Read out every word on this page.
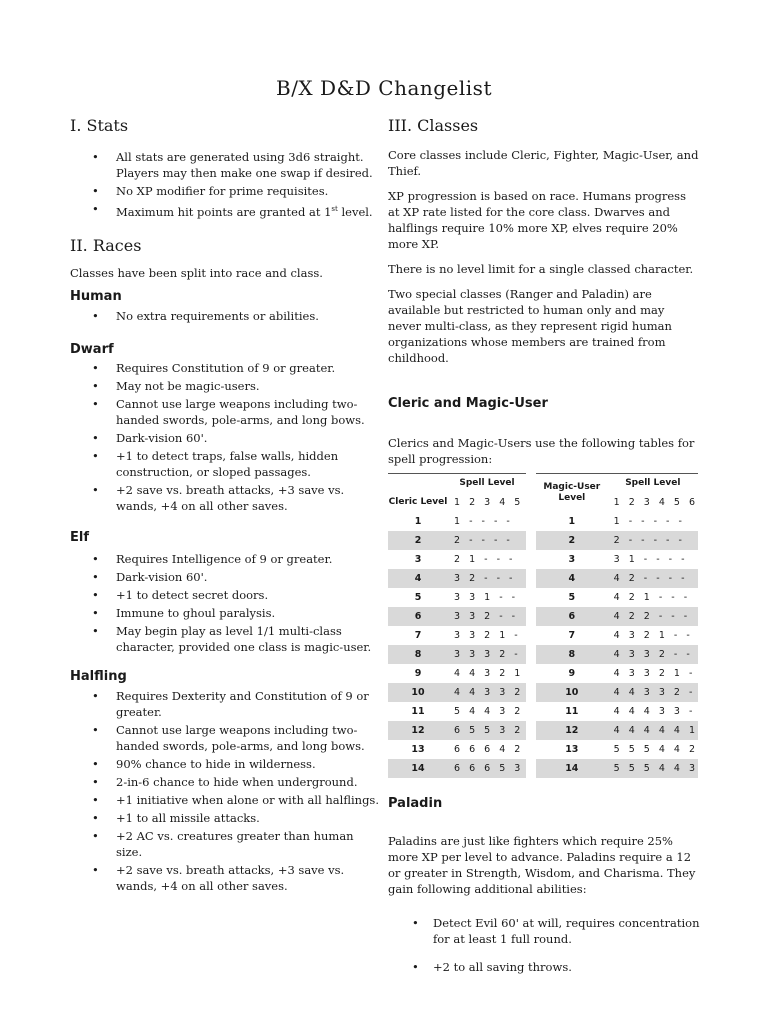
B/X D&D Changelist
I. Stats
• All stats are generated using 3d6 straight. Players may then make one swap if desired.
• No XP modifier for prime requisites.
• Maximum hit points are granted at 1st level.
II. Races
Classes have been split into race and class.
Human
• No extra requirements or abilities.
Dwarf
• Requires Constitution of 9 or greater.
• May not be magic-users.
• Cannot use large weapons including two-handed swords, pole-arms, and long bows.
• Dark-vision 60'.
• +1 to detect traps, false walls, hidden construction, or sloped passages.
• +2 save vs. breath attacks, +3 save vs. wands, +4 on all other saves.
Elf
• Requires Intelligence of 9 or greater.
• Dark-vision 60'.
• +1 to detect secret doors.
• Immune to ghoul paralysis.
• May begin play as level 1/1 multi-class character, provided one class is magic-user.
Halfling
• Requires Dexterity and Constitution of 9 or greater.
• Cannot use large weapons including two-handed swords, pole-arms, and long bows.
• 90% chance to hide in wilderness.
• 2-in-6 chance to hide when underground.
• +1 initiative when alone or with all halflings.
• +1 to all missile attacks.
• +2 AC vs. creatures greater than human size.
• +2 save vs. breath attacks, +3 save vs. wands, +4 on all other saves.
III. Classes
Core classes include Cleric, Fighter, Magic-User, and Thief.
XP progression is based on race. Humans progress at XP rate listed for the core class. Dwarves and halflings require 10% more XP, elves require 20% more XP.
There is no level limit for a single classed character.
Two special classes (Ranger and Paladin) are available but restricted to human only and may never multi-class, as they represent rigid human organizations whose members are trained from childhood.
Cleric and Magic-User
Clerics and Magic-Users use the following tables for spell progression:
	Spell Level
Cleric Level	1 2 3 4 5
1	1 - - - -
2	2 - - - -
3	2 1 - - -
4	3 2 - - -
5	3 3 1 - -
6	3 3 2 - -
7	3 3 2 1 -
8	3 3 3 2 -
9	4 4 3 2 1
10	4 4 3 3 2
11	5 4 4 3 2
12	6 5 5 3 2
13	6 6 6 4 2
14	6 6 6 5 3
Magic-User
Level	Spell Level
	1 2 3 4 5 6
1	1 - - - - -
2	2 - - - - -
3	3 1 - - - -
4	4 2 - - - -
5	4 2 1 - - -
6	4 2 2 - - -
7	4 3 2 1 - -
8	4 3 3 2 - -
9	4 3 3 2 1 -
10	4 4 3 3 2 -
11	4 4 4 3 3 -
12	4 4 4 4 4 1
13	5 5 5 4 4 2
14	5 5 5 4 4 3
Paladin
Paladins are just like fighters which require 25% more XP per level to advance. Paladins require a 12 or greater in Strength, Wisdom, and Charisma. They gain following additional abilities:
• Detect Evil 60' at will, requires concentration for at least 1 full round.
• +2 to all saving throws.
